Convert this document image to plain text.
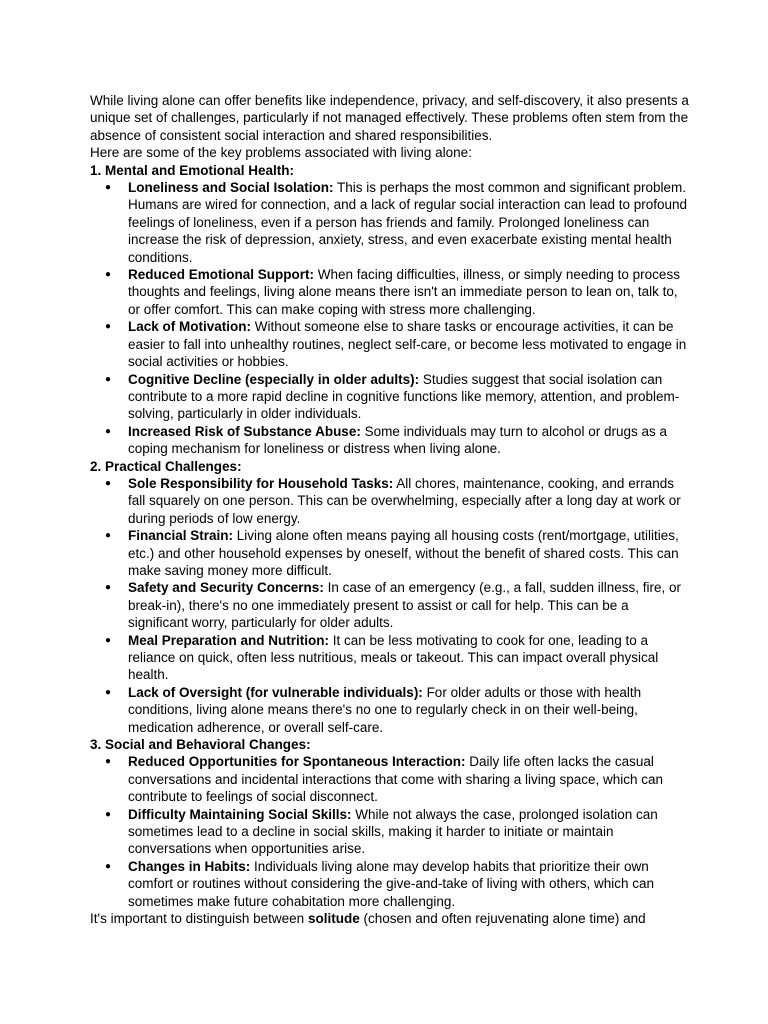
While living alone can offer benefits like independence, privacy, and self-discovery, it also presents a unique set of challenges, particularly if not managed effectively. These problems often stem from the absence of consistent social interaction and shared responsibilities.

Here are some of the key problems associated with living alone:

1. Mental and Emotional Health:

● Loneliness and Social Isolation: This is perhaps the most common and significant problem. Humans are wired for connection, and a lack of regular social interaction can lead to profound feelings of loneliness, even if a person has friends and family. Prolonged loneliness can increase the risk of depression, anxiety, stress, and even exacerbate existing mental health conditions.
● Reduced Emotional Support: When facing difficulties, illness, or simply needing to process thoughts and feelings, living alone means there isn't an immediate person to lean on, talk to, or offer comfort. This can make coping with stress more challenging.
● Lack of Motivation: Without someone else to share tasks or encourage activities, it can be easier to fall into unhealthy routines, neglect self-care, or become less motivated to engage in social activities or hobbies.
● Cognitive Decline (especially in older adults): Studies suggest that social isolation can contribute to a more rapid decline in cognitive functions like memory, attention, and problem-solving, particularly in older individuals.
● Increased Risk of Substance Abuse: Some individuals may turn to alcohol or drugs as a coping mechanism for loneliness or distress when living alone.

2. Practical Challenges:

● Sole Responsibility for Household Tasks: All chores, maintenance, cooking, and errands fall squarely on one person. This can be overwhelming, especially after a long day at work or during periods of low energy.
● Financial Strain: Living alone often means paying all housing costs (rent/mortgage, utilities, etc.) and other household expenses by oneself, without the benefit of shared costs. This can make saving money more difficult.
● Safety and Security Concerns: In case of an emergency (e.g., a fall, sudden illness, fire, or break-in), there's no one immediately present to assist or call for help. This can be a significant worry, particularly for older adults.
● Meal Preparation and Nutrition: It can be less motivating to cook for one, leading to a reliance on quick, often less nutritious, meals or takeout. This can impact overall physical health.
● Lack of Oversight (for vulnerable individuals): For older adults or those with health conditions, living alone means there's no one to regularly check in on their well-being, medication adherence, or overall self-care.

3. Social and Behavioral Changes:

● Reduced Opportunities for Spontaneous Interaction: Daily life often lacks the casual conversations and incidental interactions that come with sharing a living space, which can contribute to feelings of social disconnect.
● Difficulty Maintaining Social Skills: While not always the case, prolonged isolation can sometimes lead to a decline in social skills, making it harder to initiate or maintain conversations when opportunities arise.
● Changes in Habits: Individuals living alone may develop habits that prioritize their own comfort or routines without considering the give-and-take of living with others, which can sometimes make future cohabitation more challenging.

It's important to distinguish between solitude (chosen and often rejuvenating alone time) and
